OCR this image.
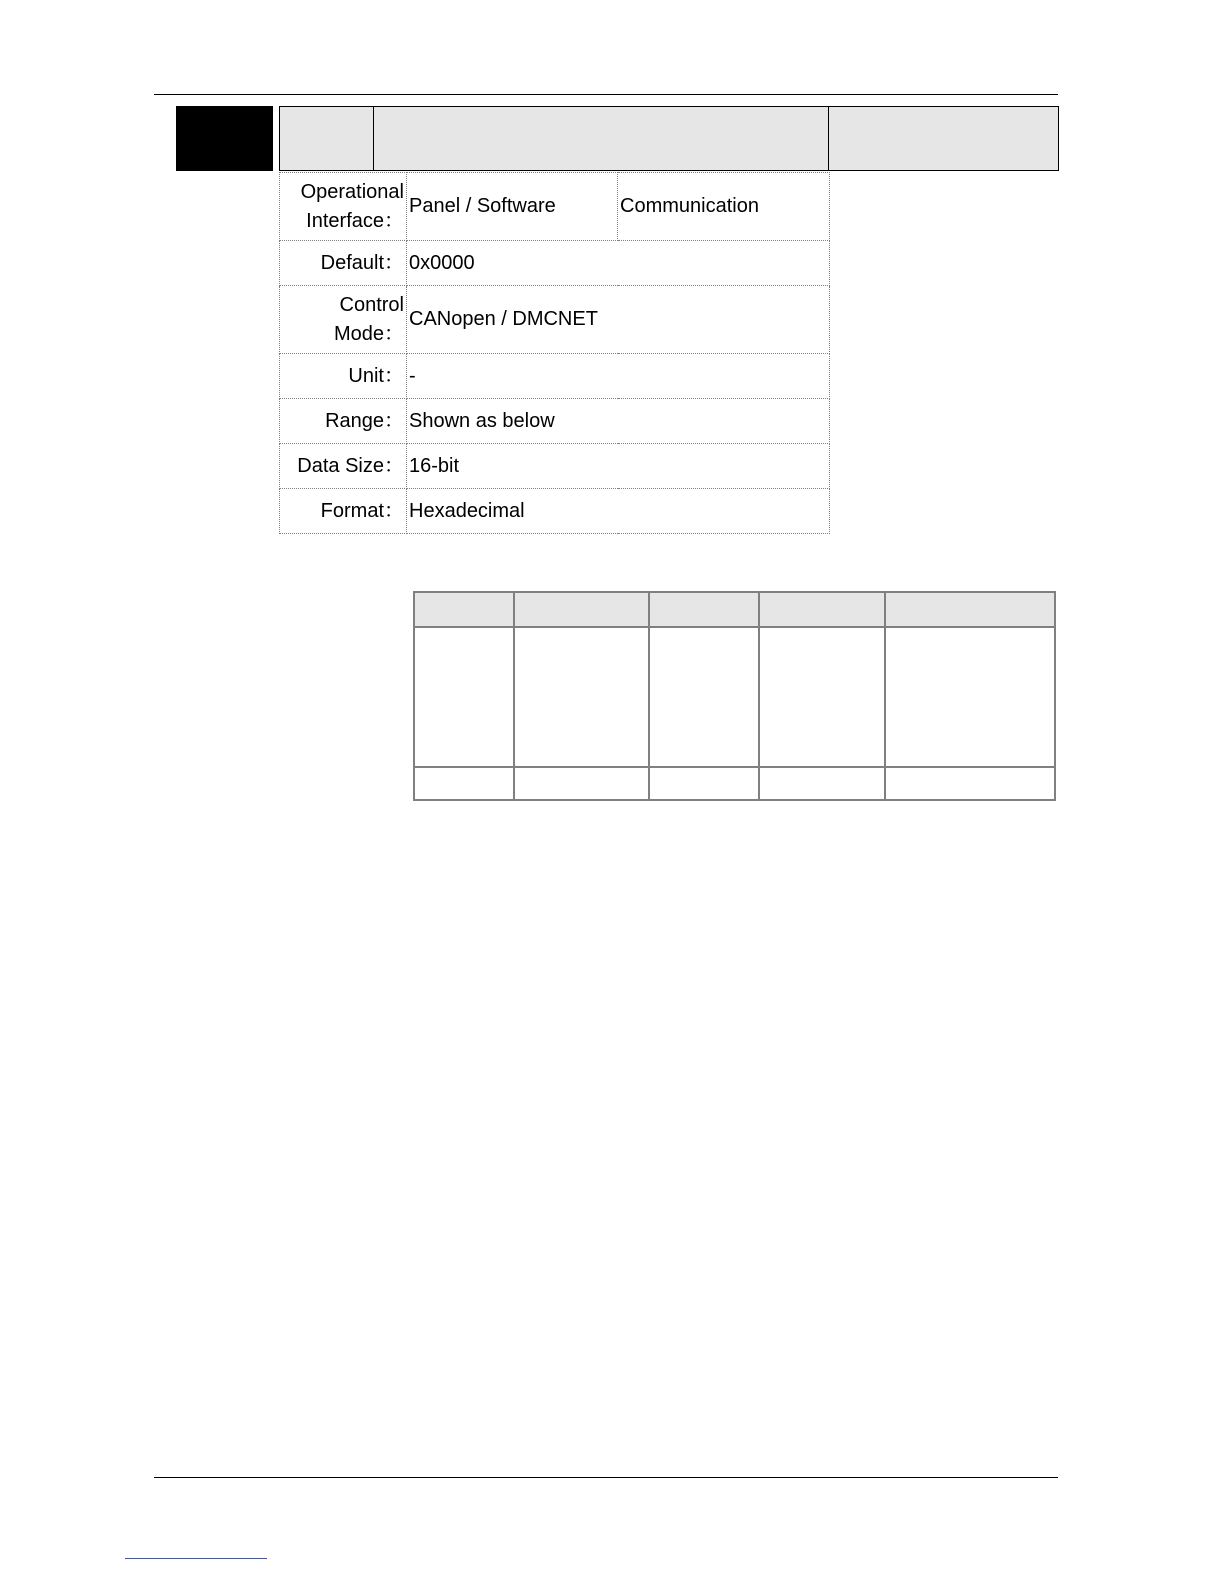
Operational
Interface：	Panel / Software	Communication
Default：	0x0000	
Control
Mode：	CANopen / DMCNET	
Unit：	-	
Range：	Shown as below	
Data Size：	16-bit	
Format：	Hexadecimal	
